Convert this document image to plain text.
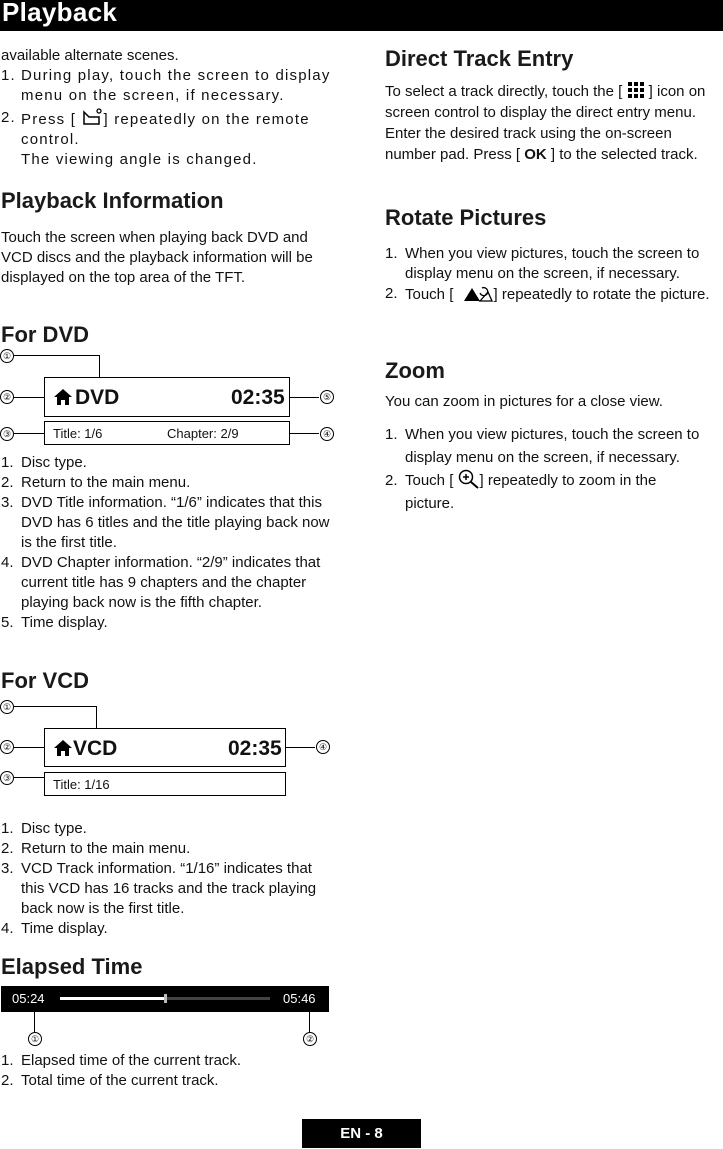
Playback
available alternate scenes.
1. During play, touch the screen to display menu on the screen, if necessary.
2. Press [ ] repeatedly on the remote control.
The viewing angle is changed.
Playback Information
Touch the screen when playing back DVD and VCD discs and the playback information will be displayed on the top area of the TFT.
For DVD
①
②	DVD	02:35	⑤
③	Title: 1/6	Chapter: 2/9	④
1. Disc type.
2. Return to the main menu.
3. DVD Title information. “1/6” indicates that this DVD has 6 titles and the title playing back now is the first title.
4. DVD Chapter information. “2/9” indicates that current title has 9 chapters and the chapter playing back now is the fifth chapter.
5. Time display.
For VCD
①
②	VCD	02:35	④
③	Title: 1/16
1. Disc type.
2. Return to the main menu.
3. VCD Track information. “1/16” indicates that this VCD has 16 tracks and the track playing back now is the first title.
4. Time display.
Elapsed Time
05:24	05:46
①	②
1. Elapsed time of the current track.
2. Total time of the current track.
Direct Track Entry
To select a track directly, touch the [ ] icon on screen control to display the direct entry menu. Enter the desired track using the on-screen number pad. Press [ OK ] to the selected track.
Rotate Pictures
1. When you view pictures, touch the screen to display menu on the screen, if necessary.
2. Touch [	] repeatedly to rotate the picture.
Zoom
You can zoom in pictures for a close view.
1. When you view pictures, touch the screen to display menu on the screen, if necessary.
2. Touch [ ] repeatedly to zoom in the picture.
EN - 8
